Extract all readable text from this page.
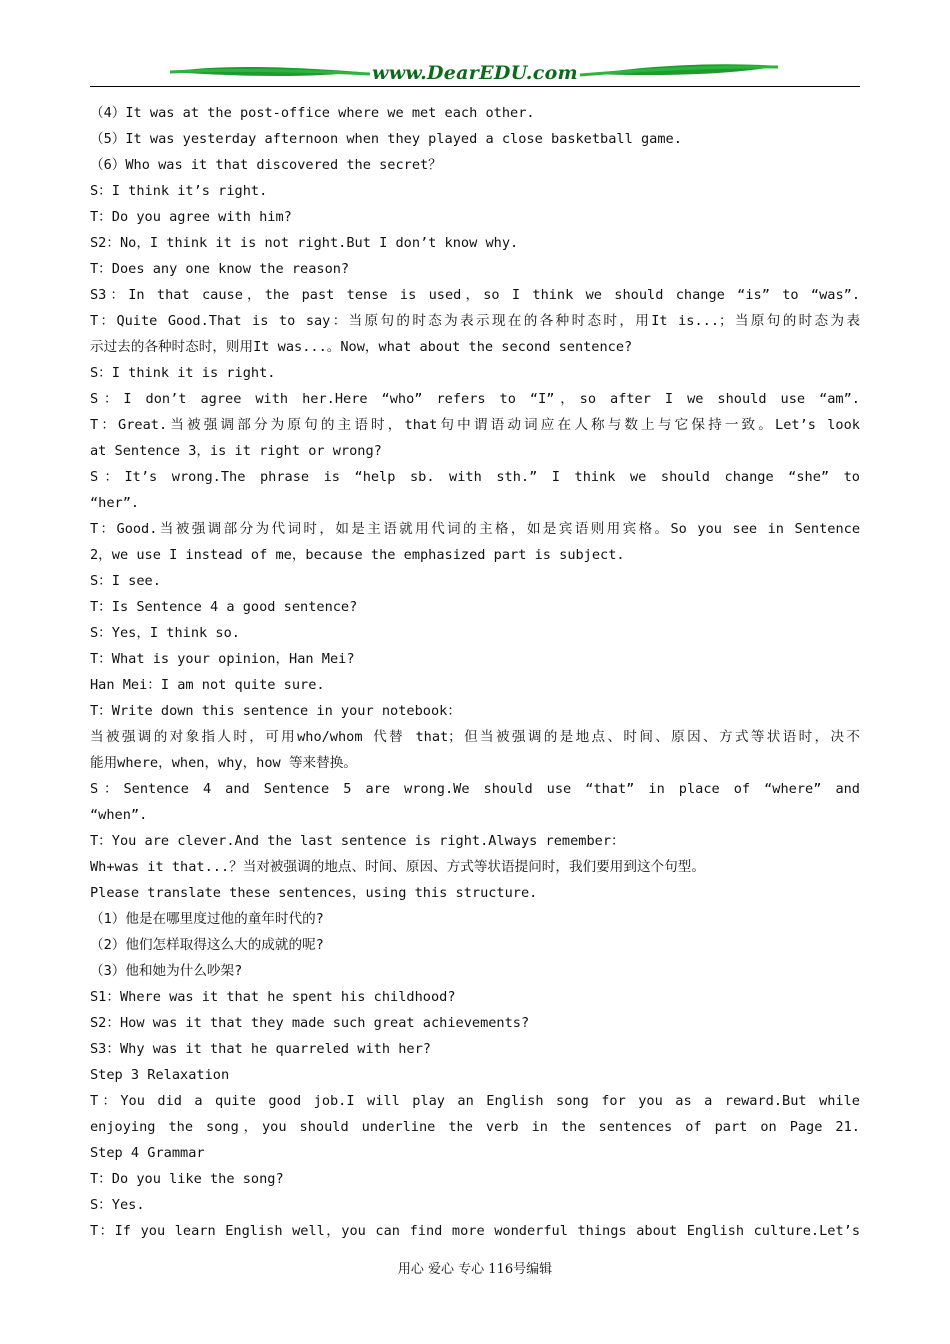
www.DearEDU.com
（4）It was at the post-office where we met each other.
（5）It was yesterday afternoon when they played a close basketball game.
（6）Who was it that discovered the secret？
S：I think it’s right.
T：Do you agree with him?
S2：No，I think it is not right.But I don’t know why.
T：Does any one know the reason?
S3：In that cause，the past tense is used，so I think we should change “is” to “was”.
T：Quite Good.That is to say：当原句的时态为表示现在的各种时态时，用It is...；当原句的时态为表
示过去的各种时态时，则用It was...。Now，what about the second sentence?
S：I think it is right.
S：I don’t agree with her.Here “who” refers to “I”，so after I we should use “am”.
T：Great.当被强调部分为原句的主语时，that句中谓语动词应在人称与数上与它保持一致。Let’s look
at Sentence 3，is it right or wrong?
S：It’s wrong.The phrase is “help sb. with sth.” I think we should change “she” to
“her”.
T：Good.当被强调部分为代词时，如是主语就用代词的主格，如是宾语则用宾格。So you see in Sentence
2，we use I instead of me，because the emphasized part is subject.
S：I see.
T：Is Sentence 4 a good sentence?
S：Yes，I think so.
T：What is your opinion，Han Mei?
Han Mei：I am not quite sure.
T：Write down this sentence in your notebook：
当被强调的对象指人时，可用who/whom 代替 that；但当被强调的是地点、时间、原因、方式等状语时，决不
能用where，when，why，how 等来替换。
S：Sentence 4 and Sentence 5 are wrong.We should use “that” in place of “where” and
“when”.
T：You are clever.And the last sentence is right.Always remember：
Wh+was it that...？当对被强调的地点、时间、原因、方式等状语提问时，我们要用到这个句型。
Please translate these sentences，using this structure.
（1）他是在哪里度过他的童年时代的?
（2）他们怎样取得这么大的成就的呢?
（3）他和她为什么吵架?
S1：Where was it that he spent his childhood?
S2：How was it that they made such great achievements?
S3：Why was it that he quarreled with her?
Step 3 Relaxation
T：You did a quite good job.I will play an English song for you as a reward.But while
enjoying the song，you should underline the verb in the sentences of part on Page 21.
Step 4 Grammar
T：Do you like the song?
S：Yes.
T：If you learn English well，you can find more wonderful things about English culture.Let’s
用心 爱心 专心 116号编辑
